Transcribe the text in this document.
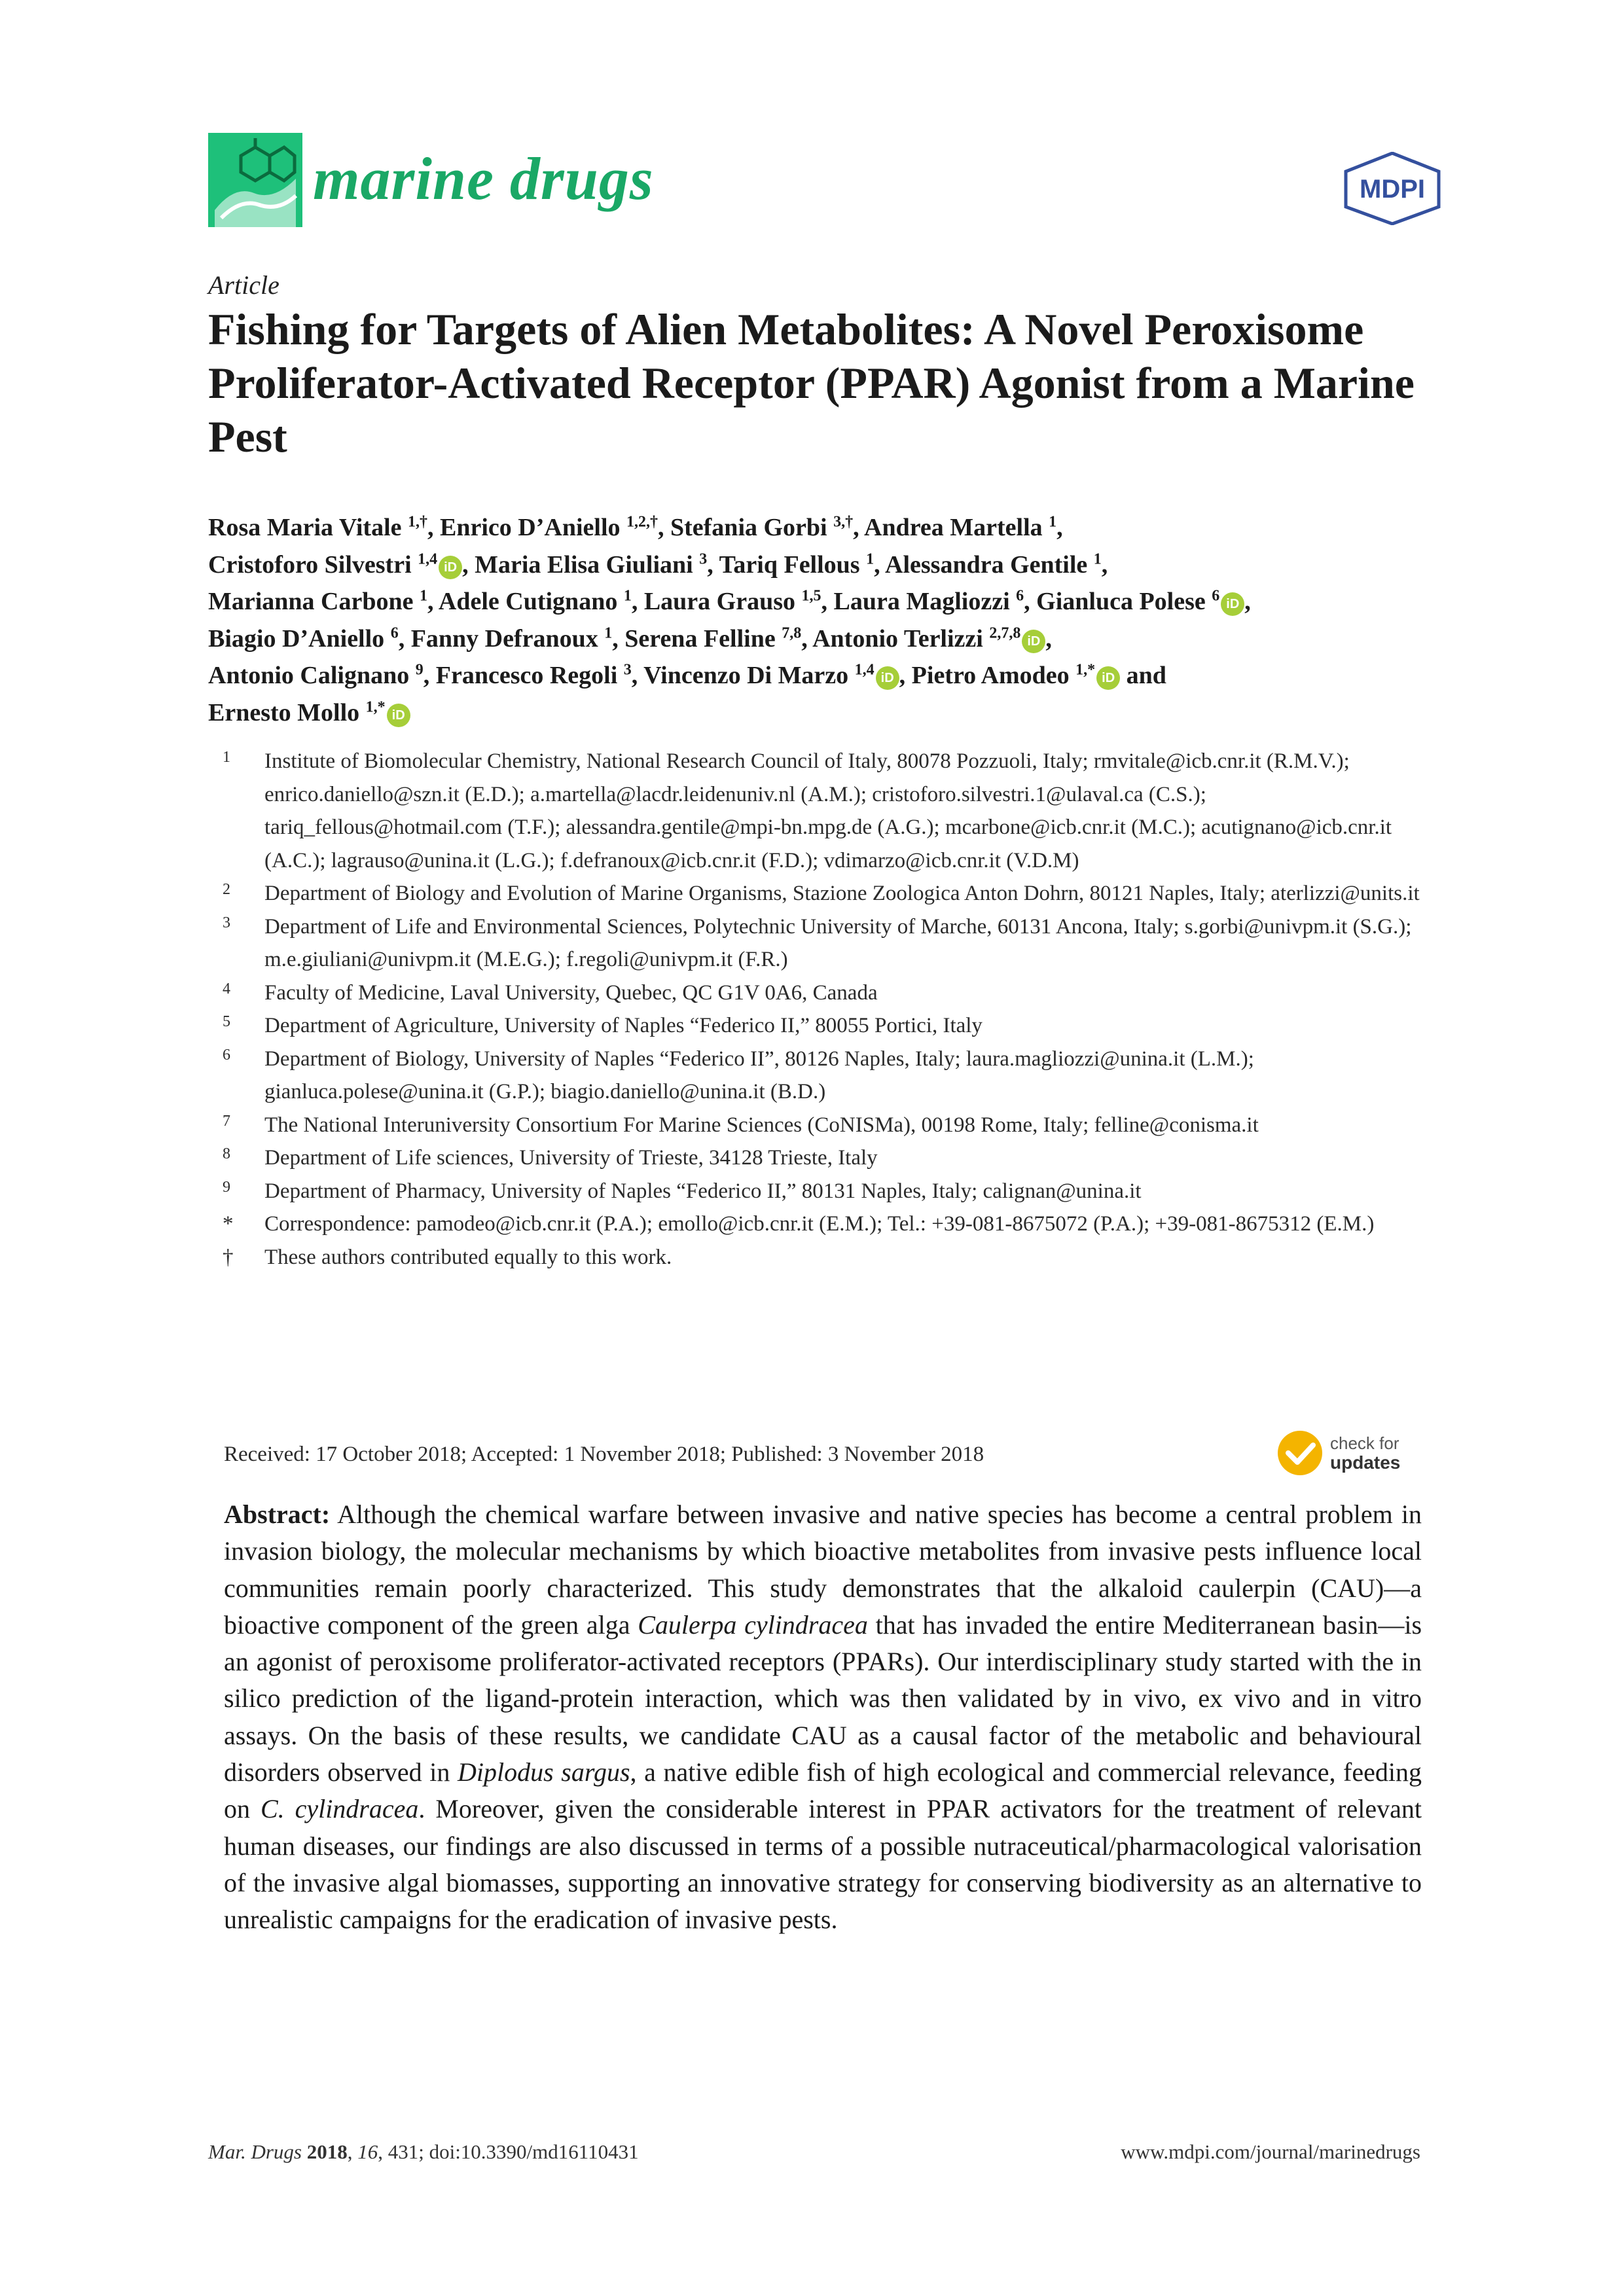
marine drugs	MDPI
Article
Fishing for Targets of Alien Metabolites: A Novel Peroxisome Proliferator-Activated Receptor (PPAR) Agonist from a Marine Pest
Rosa Maria Vitale $^{1,\dagger}$, Enrico D’Aniello $^{1,2,\dagger}$, Stefania Gorbi $^{3,\dagger}$, Andrea Martella $^1$,
Cristoforo Silvestri $^{1,4}$ iD , Maria Elisa Giuliani $^3$, Tariq Fellous $^1$, Alessandra Gentile $^1$,
Marianna Carbone $^1$, Adele Cutignano $^1$, Laura Grauso $^{1,5}$, Laura Magliozzi $^6$, Gianluca Polese $^6$ iD ,
Biagio D’Aniello $^6$, Fanny Defranoux $^1$, Serena Felline $^{7,8}$, Antonio Terlizzi $^{2,7,8}$ iD ,
Antonio Calignano $^9$, Francesco Regoli $^3$, Vincenzo Di Marzo $^{1,4}$ iD , Pietro Amodeo $^{1,*}$ iD and
Ernesto Mollo $^{1,*}$ iD
1	Institute of Biomolecular Chemistry, National Research Council of Italy, 80078 Pozzuoli, Italy; rmvitale@icb.cnr.it (R.M.V.); enrico.daniello@szn.it (E.D.); a.martella@lacdr.leidenuniv.nl (A.M.); cristoforo.silvestri.1@ulaval.ca (C.S.); tariq_fellous@hotmail.com (T.F.); alessandra.gentile@mpi-bn.mpg.de (A.G.); mcarbone@icb.cnr.it (M.C.); acutignano@icb.cnr.it (A.C.); lagrauso@unina.it (L.G.); f.defranoux@icb.cnr.it (F.D.); vdimarzo@icb.cnr.it (V.D.M)
2	Department of Biology and Evolution of Marine Organisms, Stazione Zoologica Anton Dohrn, 80121 Naples, Italy; aterlizzi@units.it
3	Department of Life and Environmental Sciences, Polytechnic University of Marche, 60131 Ancona, Italy; s.gorbi@univpm.it (S.G.); m.e.giuliani@univpm.it (M.E.G.); f.regoli@univpm.it (F.R.)
4	Faculty of Medicine, Laval University, Quebec, QC G1V 0A6, Canada
5	Department of Agriculture, University of Naples “Federico II,” 80055 Portici, Italy
6	Department of Biology, University of Naples “Federico II”, 80126 Naples, Italy; laura.magliozzi@unina.it (L.M.); gianluca.polese@unina.it (G.P.); biagio.daniello@unina.it (B.D.)
7	The National Interuniversity Consortium For Marine Sciences (CoNISMa), 00198 Rome, Italy; felline@conisma.it
8	Department of Life sciences, University of Trieste, 34128 Trieste, Italy
9	Department of Pharmacy, University of Naples “Federico II,” 80131 Naples, Italy; calignan@unina.it
*	Correspondence: pamodeo@icb.cnr.it (P.A.); emollo@icb.cnr.it (E.M.); Tel.: +39-081-8675072 (P.A.); +39-081-8675312 (E.M.)
†	These authors contributed equally to this work.
Received: 17 October 2018; Accepted: 1 November 2018; Published: 3 November 2018	check for
updates
Abstract: Although the chemical warfare between invasive and native species has become a central problem in invasion biology, the molecular mechanisms by which bioactive metabolites from invasive pests influence local communities remain poorly characterized. This study demonstrates that the alkaloid caulerpin (CAU)—a bioactive component of the green alga Caulerpa cylindracea that has invaded the entire Mediterranean basin—is an agonist of peroxisome proliferator-activated receptors (PPARs). Our interdisciplinary study started with the in silico prediction of the ligand-protein interaction, which was then validated by in vivo, ex vivo and in vitro assays. On the basis of these results, we candidate CAU as a causal factor of the metabolic and behavioural disorders observed in Diplodus sargus, a native edible fish of high ecological and commercial relevance, feeding on C. cylindracea. Moreover, given the considerable interest in PPAR activators for the treatment of relevant human diseases, our findings are also discussed in terms of a possible nutraceutical/pharmacological valorisation of the invasive algal biomasses, supporting an innovative strategy for conserving biodiversity as an alternative to unrealistic campaigns for the eradication of invasive pests.
Mar. Drugs 2018, 16, 431; doi:10.3390/md16110431	www.mdpi.com/journal/marinedrugs
